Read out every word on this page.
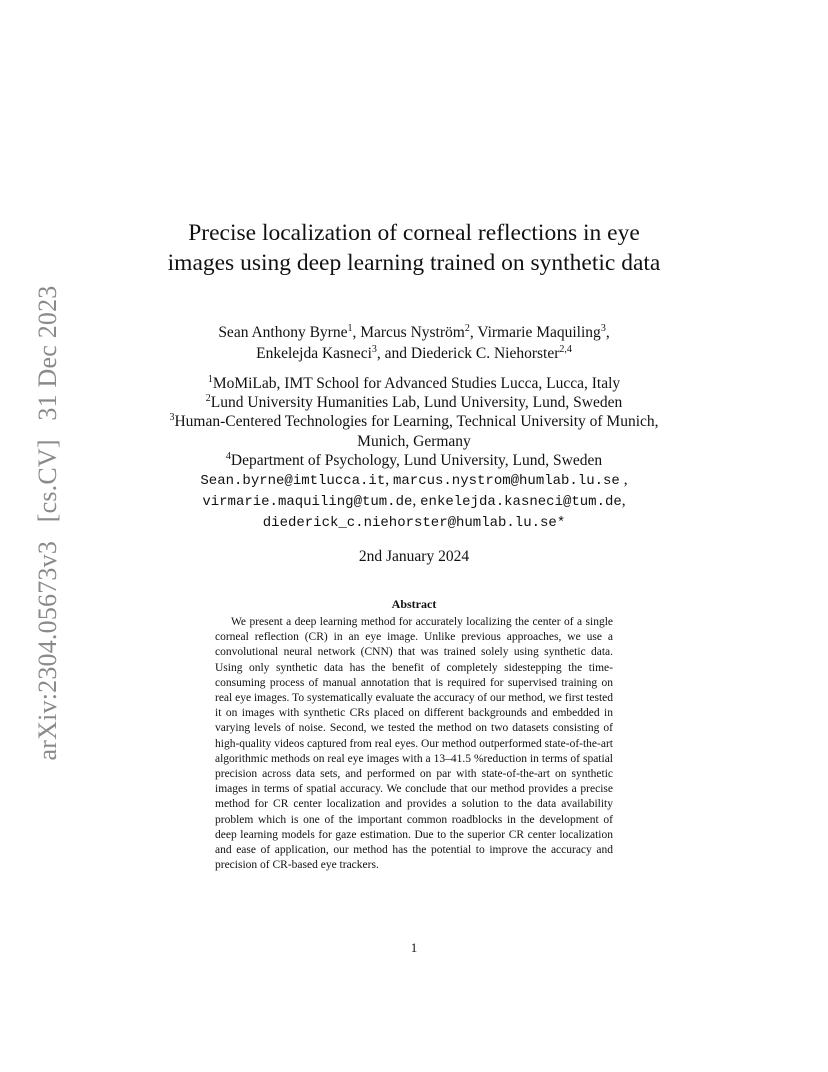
arXiv:2304.05673v3 [cs.CV] 31 Dec 2023
Precise localization of corneal reflections in eye images using deep learning trained on synthetic data
Sean Anthony Byrne$^1$, Marcus Nyström$^2$, Virmarie Maquiling$^3$,
Enkelejda Kasneci$^3$, and Diederick C. Niehorster$^{2,4}$
$^1$MoMiLab, IMT School for Advanced Studies Lucca, Lucca, Italy
$^2$Lund University Humanities Lab, Lund University, Lund, Sweden
$^3$Human-Centered Technologies for Learning, Technical University of Munich, Munich, Germany
$^4$Department of Psychology, Lund University, Lund, Sweden
Sean.byrne@imtlucca.it, marcus.nystrom@humlab.lu.se ,
virmarie.maquiling@tum.de, enkelejda.kasneci@tum.de,
diederick_c.niehorster@humlab.lu.se*
2nd January 2024
Abstract
We present a deep learning method for accurately localizing the center of a single corneal reflection (CR) in an eye image. Unlike previous approaches, we use a convolutional neural network (CNN) that was trained solely using synthetic data. Using only synthetic data has the benefit of completely sidestepping the time-consuming process of manual annotation that is required for supervised training on real eye images. To systematically evaluate the accuracy of our method, we first tested it on images with synthetic CRs placed on different backgrounds and embedded in varying levels of noise. Second, we tested the method on two datasets consisting of high-quality videos captured from real eyes. Our method outperformed state-of-the-art algorithmic methods on real eye images with a 13–41.5 %reduction in terms of spatial precision across data sets, and performed on par with state-of-the-art on synthetic images in terms of spatial accuracy. We conclude that our method provides a precise method for CR center localization and provides a solution to the data availability problem which is one of the important common roadblocks in the development of deep learning models for gaze estimation. Due to the superior CR center localization and ease of application, our method has the potential to improve the accuracy and precision of CR-based eye trackers.
1
